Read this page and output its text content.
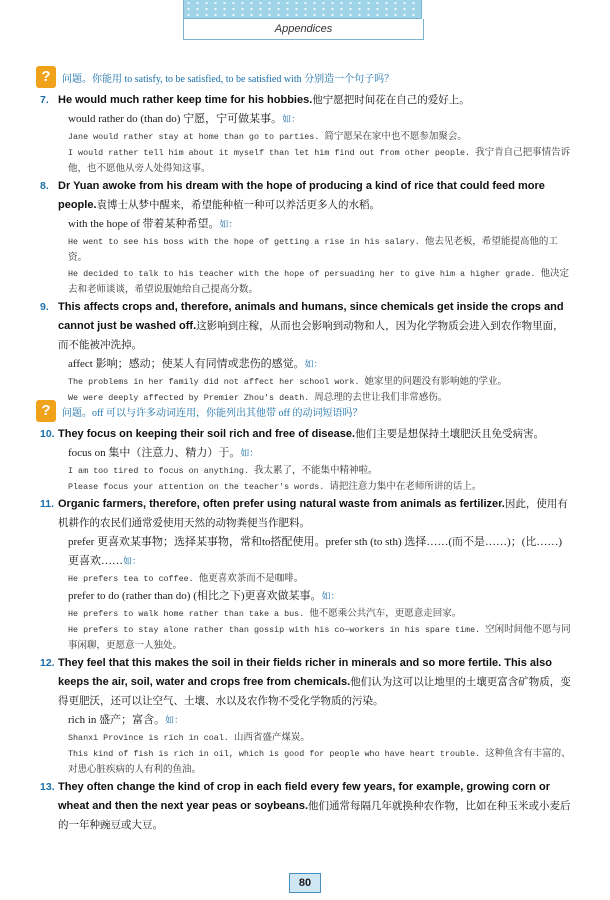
Appendices
?	问题。你能用 to satisfy, to be satisfied, to be satisfied with 分别造一个句子吗？
7. He would much rather keep time for his hobbies.他宁愿把时间花在自己的爱好上。
would rather do (than do) 宁愿，宁可做某事。如：
Jane would rather stay at home than go to parties. 简宁愿呆在家中也不愿参加聚会。
I would rather tell him about it myself than let him find out from other people. 我宁肯自己把事情告诉他，也不愿他从旁人处得知这事。
8. Dr Yuan awoke from his dream with the hope of producing a kind of rice that could feed more people.袁博士从梦中醒来，希望能种植一种可以养活更多人的水稻。
with the hope of 带着某种希望。如：
He went to see his boss with the hope of getting a rise in his salary. 他去见老板，希望能提高他的工资。
He decided to talk to his teacher with the hope of persuading her to give him a higher grade. 他决定去和老师谈谈，希望说服她给自己提高分数。
9. This affects crops and, therefore, animals and humans, since chemicals get inside the crops and cannot just be washed off.这影响到庄稼，从而也会影响到动物和人，因为化学物质会进入到农作物里面，而不能被冲洗掉。
affect 影响；感动；使某人有同情或悲伤的感觉。如：
The problems in her family did not affect her school work. 她家里的问题没有影响她的学业。
We were deeply affected by Premier Zhou's death. 周总理的去世让我们非常感伤。
?	问题。off 可以与许多动词连用，你能列出其他带 off 的动词短语吗？
10. They focus on keeping their soil rich and free of disease.他们主要是想保持土壤肥沃且免受病害。
focus on 集中（注意力、精力）于。如：
I am too tired to focus on anything. 我太累了，不能集中精神啦。
Please focus your attention on the teacher's words. 请把注意力集中在老师所讲的话上。
11. Organic farmers, therefore, often prefer using natural waste from animals as fertilizer.因此，使用有机耕作的农民们通常爱使用天然的动物粪便当作肥料。
prefer 更喜欢某事物；选择某事物，常和to搭配使用。prefer sth (to sth) 选择……(而不是……)；(比……)更喜欢……如：
He prefers tea to coffee. 他更喜欢茶而不是咖啡。
prefer to do (rather than do) (相比之下)更喜欢做某事。如：
He prefers to walk home rather than take a bus. 他不愿乘公共汽车，更愿意走回家。
He prefers to stay alone rather than gossip with his co—workers in his spare time. 空闲时间他不愿与同事闲聊，更愿意一人独处。
12. They feel that this makes the soil in their fields richer in minerals and so more fertile. This also keeps the air, soil, water and crops free from chemicals.他们认为这可以让地里的土壤更富含矿物质，变得更肥沃，还可以让空气、土壤、水以及农作物不受化学物质的污染。
rich in 盛产；富含。如：
Shanxi Province is rich in coal. 山西省盛产煤炭。
This kind of fish is rich in oil, which is good for people who have heart trouble. 这种鱼含有丰富的、对患心脏疾病的人有利的鱼油。
13. They often change the kind of crop in each field every few years, for example, growing corn or wheat and then the next year peas or soybeans.他们通常每隔几年就换种农作物，比如在种玉米或小麦后的一年种豌豆或大豆。
80
